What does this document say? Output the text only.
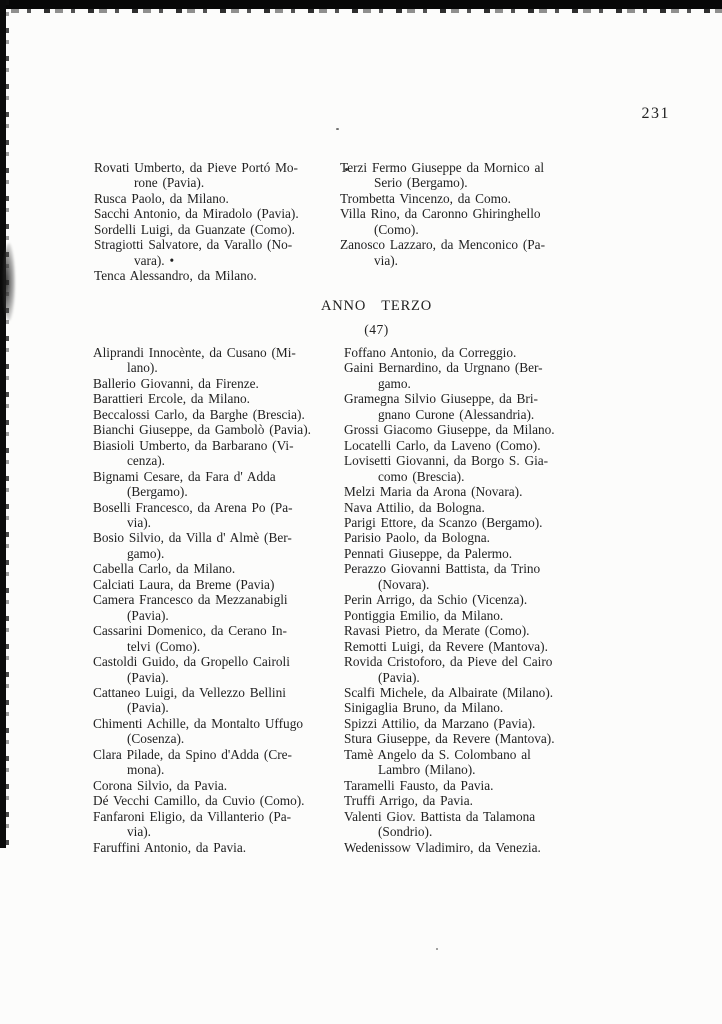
231
Rovati Umberto, da Pieve Portó Mo-
rone (Pavia).
Rusca Paolo, da Milano.
Sacchi Antonio, da Miradolo (Pavia).
Sordelli Luigi, da Guanzate (Como).
Stragiotti Salvatore, da Varallo (No-
vara). •
Tenca Alessandro, da Milano.
Terzi Fermo Giuseppe da Mornico al
Serio (Bergamo).
Trombetta Vincenzo, da Como.
Villa Rino, da Caronno Ghiringhello
(Como).
Zanosco Lazzaro, da Menconico (Pa-
via).
ANNO TERZO
(47)
Aliprandi Innocènte, da Cusano (Mi-
lano).
Ballerio Giovanni, da Firenze.
Barattieri Ercole, da Milano.
Beccalossi Carlo, da Barghe (Brescia).
Bianchi Giuseppe, da Gambolò (Pavia).
Biasioli Umberto, da Barbarano (Vi-
cenza).
Bignami Cesare, da Fara d' Adda
(Bergamo).
Boselli Francesco, da Arena Po (Pa-
via).
Bosio Silvio, da Villa d' Almè (Ber-
gamo).
Cabella Carlo, da Milano.
Calciati Laura, da Breme (Pavia)
Camera Francesco da Mezzanabigli
(Pavia).
Cassarini Domenico, da Cerano In-
telvi (Como).
Castoldi Guido, da Gropello Cairoli
(Pavia).
Cattaneo Luigi, da Vellezzo Bellini
(Pavia).
Chimenti Achille, da Montalto Uffugo
(Cosenza).
Clara Pilade, da Spino d'Adda (Cre-
mona).
Corona Silvio, da Pavia.
Dé Vecchi Camillo, da Cuvio (Como).
Fanfaroni Eligio, da Villanterio (Pa-
via).
Faruffini Antonio, da Pavia.
Foffano Antonio, da Correggio.
Gaini Bernardino, da Urgnano (Ber-
gamo.
Gramegna Silvio Giuseppe, da Bri-
gnano Curone (Alessandria).
Grossi Giacomo Giuseppe, da Milano.
Locatelli Carlo, da Laveno (Como).
Lovisetti Giovanni, da Borgo S. Gia-
como (Brescia).
Melzi Maria da Arona (Novara).
Nava Attilio, da Bologna.
Parigi Ettore, da Scanzo (Bergamo).
Parisio Paolo, da Bologna.
Pennati Giuseppe, da Palermo.
Perazzo Giovanni Battista, da Trino
(Novara).
Perin Arrigo, da Schio (Vicenza).
Pontiggia Emilio, da Milano.
Ravasi Pietro, da Merate (Como).
Remotti Luigi, da Revere (Mantova).
Rovida Cristoforo, da Pieve del Cairo
(Pavia).
Scalfi Michele, da Albairate (Milano).
Sinigaglia Bruno, da Milano.
Spizzi Attilio, da Marzano (Pavia).
Stura Giuseppe, da Revere (Mantova).
Tamè Angelo da S. Colombano al
Lambro (Milano).
Taramelli Fausto, da Pavia.
Truffi Arrigo, da Pavia.
Valenti Giov. Battista da Talamona
(Sondrio).
Wedenissow Vladimiro, da Venezia.
